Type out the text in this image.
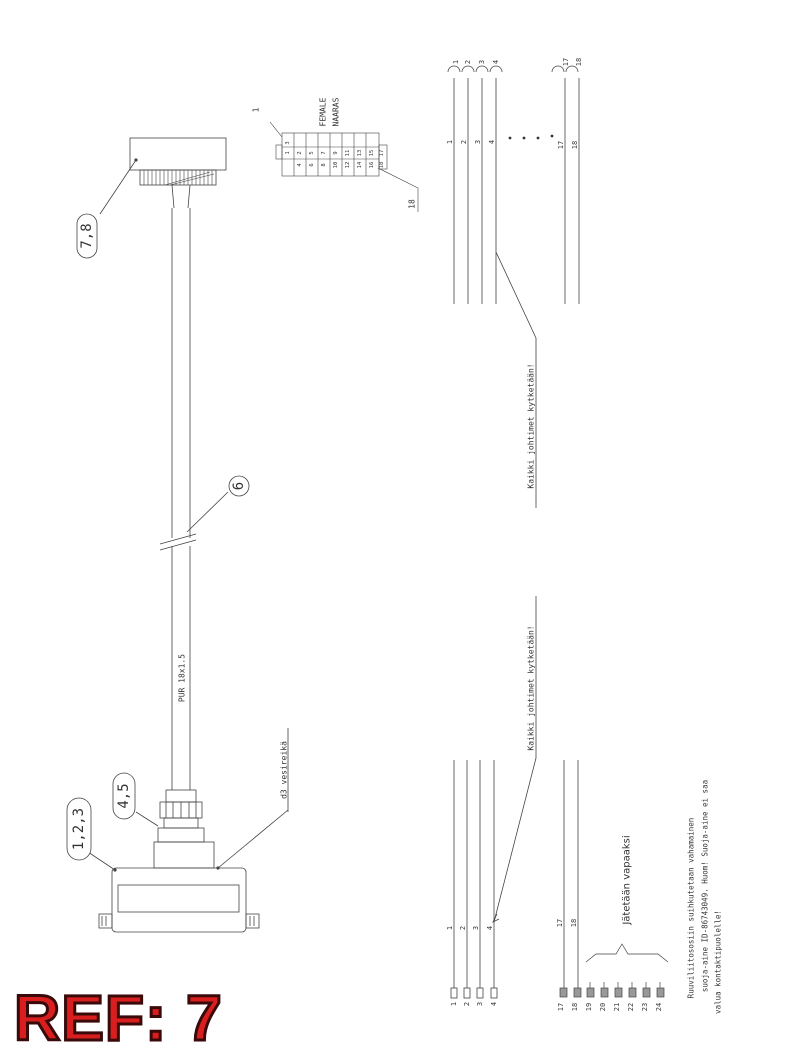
7,8
PUR 18x1.5
6
d3 vesireikä
4,5
1,2,3
1
3
2
4
5
6
7
8
9
10
11
12
13
14
15
16
17
18
1
18
FEMALE NAARAS
1 2 3 4	17 18
1 2 3 4	17 18
Kaikki johtimet kytketään!
1 2 3 4
17 18
1 2 3 4	17 18 19 20 21 22 23 24
Kaikki johtimet kytketään!
Jätetään vapaaksi	Ruuviliitososiin suihkutetaan vahamainen suoja-aine ID-86743049. Huom! Suoja-aine ei saa valua kontaktipuolelle!
REF: 7
